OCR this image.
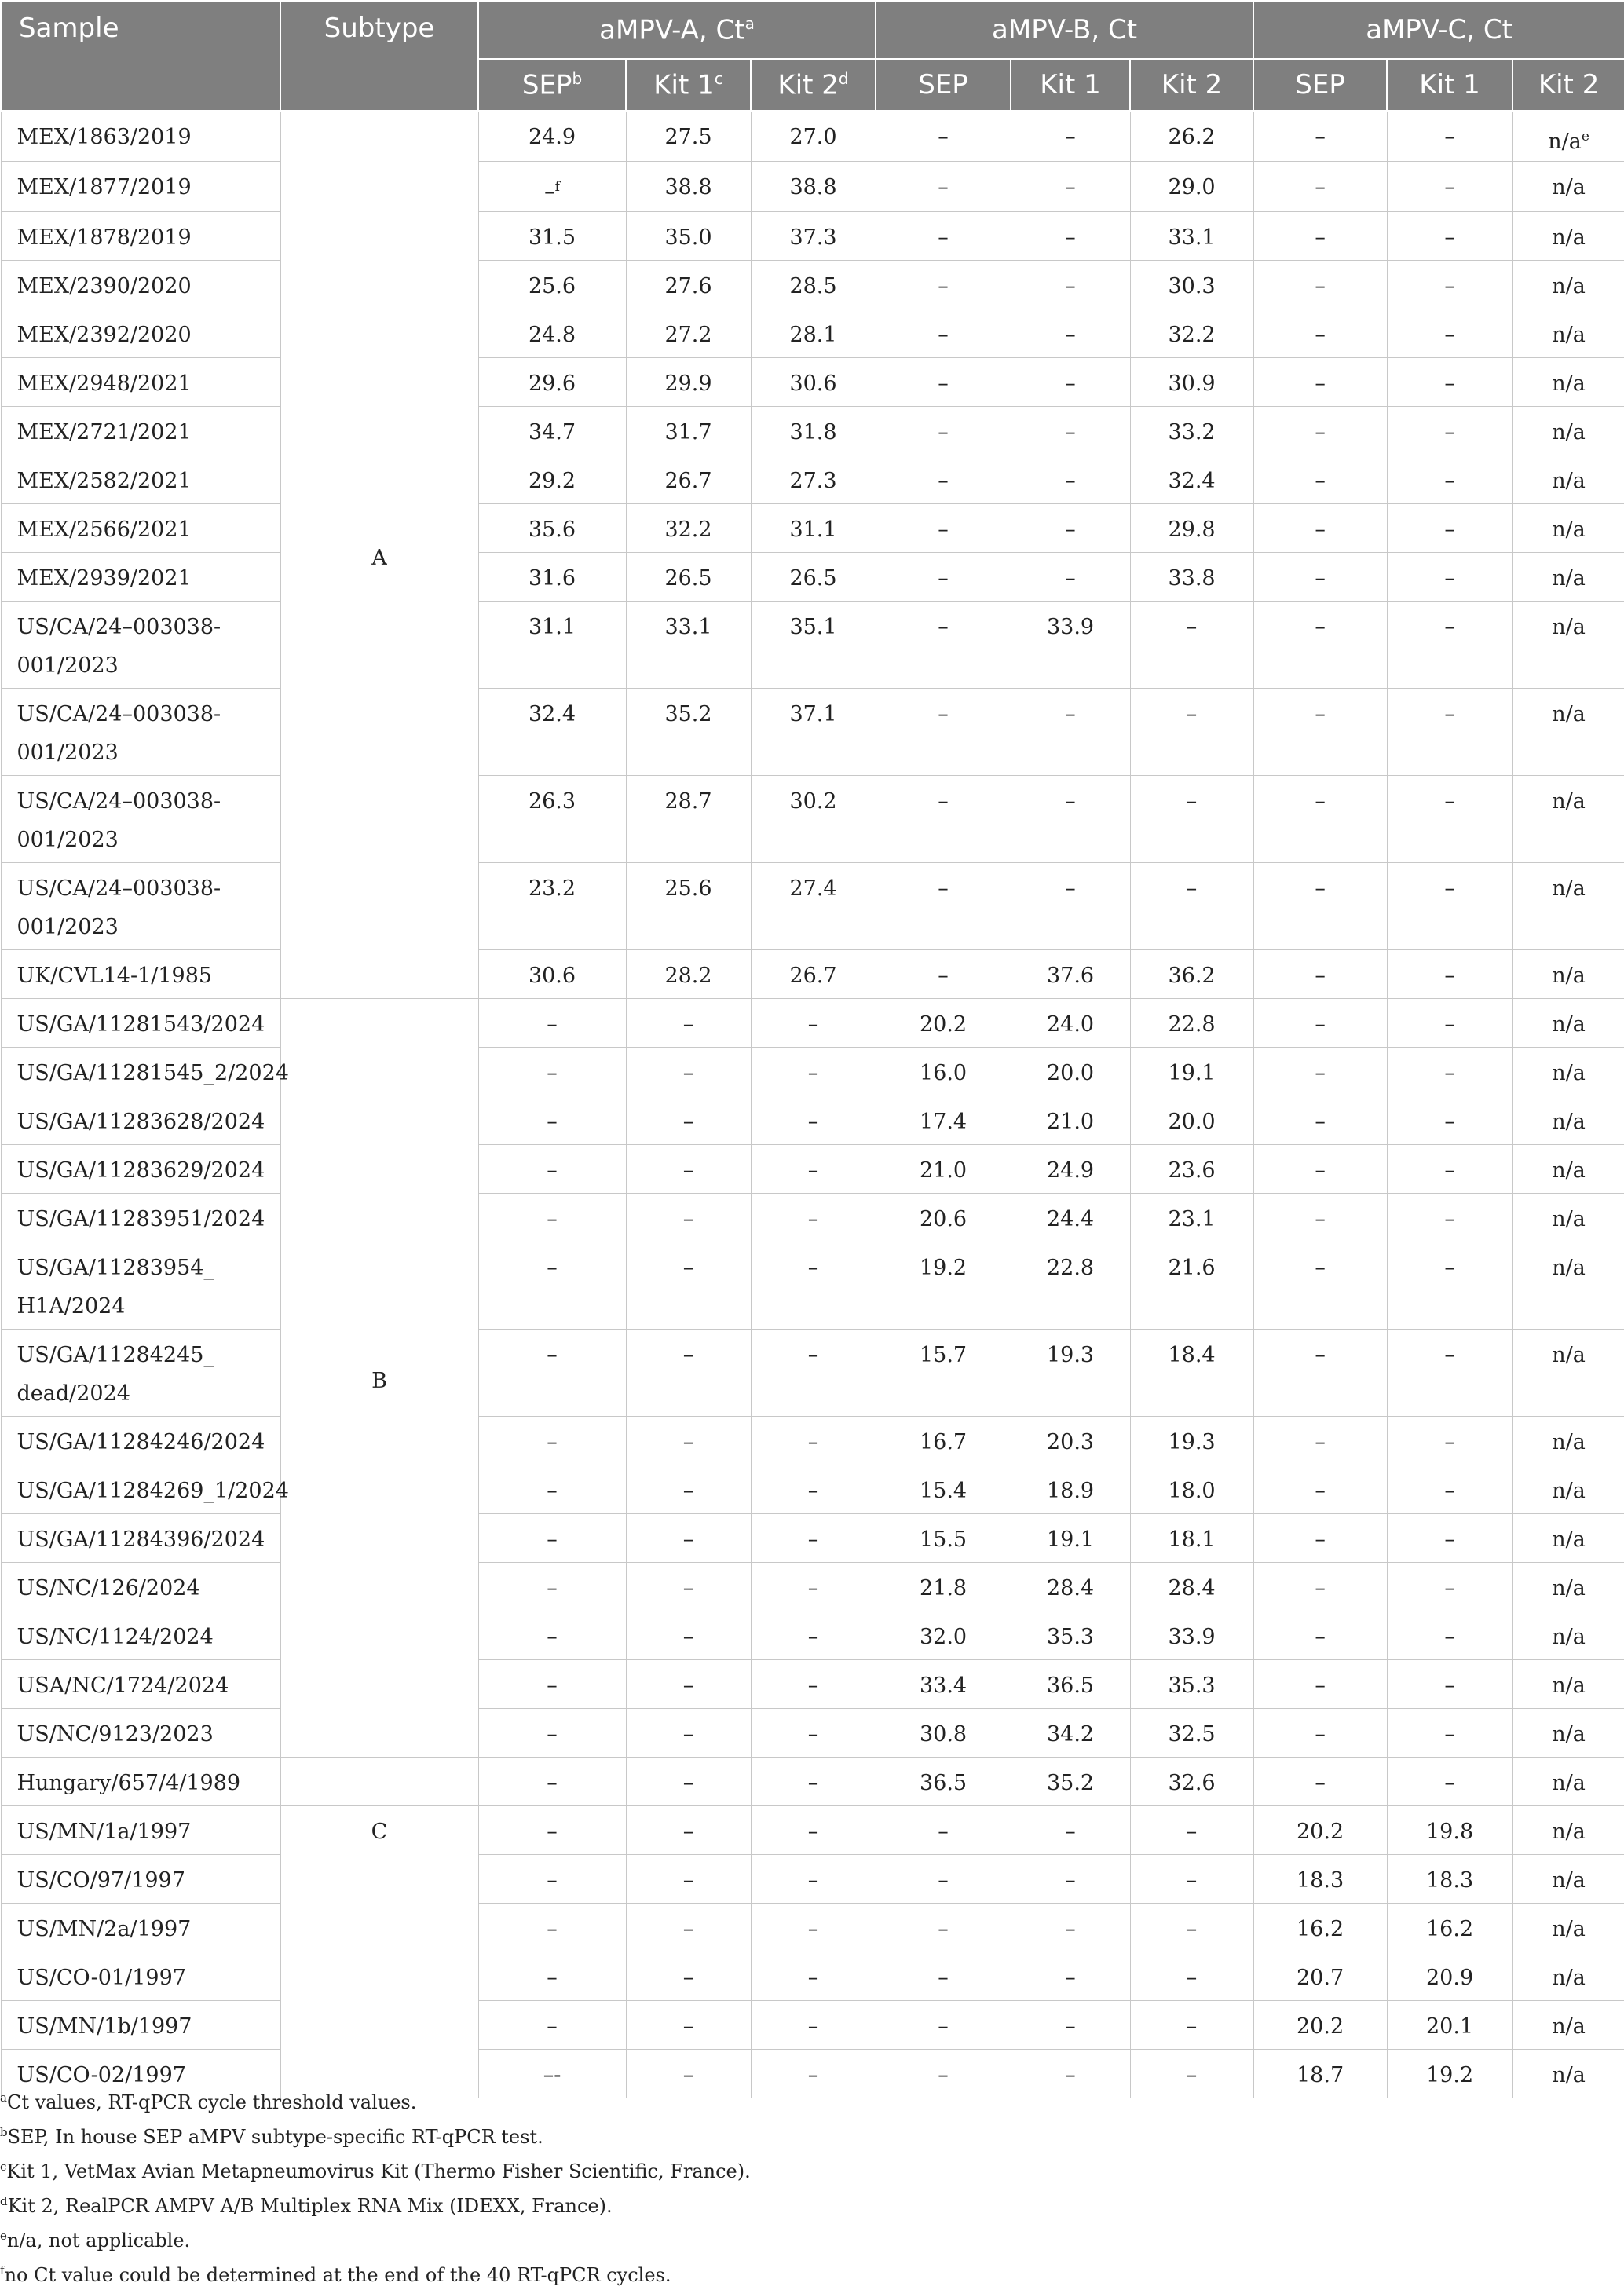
Sample	Subtype	aMPV-A, Ct$^a$			aMPV-B, Ct			aMPV-C, Ct		
		SEP$^b$	Kit 1$^c$	Kit 2$^d$	SEP	Kit 1	Kit 2	SEP	Kit 1	Kit 2
MEX/1863/2019	A	24.9	27.5	27.0	–	–	26.2	–	–	$n/a^e$
MEX/1877/2019		–$^f$	38.8	38.8	–	–	29.0	–	–	n/a
MEX/1878/2019		31.5	35.0	37.3	–	–	33.1	–	–	n/a
MEX/2390/2020		25.6	27.6	28.5	–	–	30.3	–	–	n/a
MEX/2392/2020		24.8	27.2	28.1	–	–	32.2	–	–	n/a
MEX/2948/2021		29.6	29.9	30.6	–	–	30.9	–	–	n/a
MEX/2721/2021		34.7	31.7	31.8	–	–	33.2	–	–	n/a
MEX/2582/2021		29.2	26.7	27.3	–	–	32.4	–	–	n/a
MEX/2566/2021		35.6	32.2	31.1	–	–	29.8	–	–	n/a
MEX/2939/2021		31.6	26.5	26.5	–	–	33.8	–	–	n/a

US/CA/24–003038-
001/2023		31.1	33.1	35.1	–	33.9	–	–	–	n/a

US/CA/24–003038-
001/2023		32.4	35.2	37.1	–	–	–	–	–	n/a

US/CA/24–003038-
001/2023		26.3	28.7	30.2	–	–	–	–	–	n/a

US/CA/24–003038-
001/2023		23.2	25.6	27.4	–	–	–	–	–	n/a
UK/CVL14-1/1985		30.6	28.2	26.7	–	37.6	36.2	–	–	n/a
US/GA/11281543/2024	B	–	–	–	20.2	24.0	22.8	–	–	n/a
US/GA/11281545_2/2024		–	–	–	16.0	20.0	19.1	–	–	n/a
US/GA/11283628/2024		–	–	–	17.4	21.0	20.0	–	–	n/a
US/GA/11283629/2024		–	–	–	21.0	24.9	23.6	–	–	n/a
US/GA/11283951/2024		–	–	–	20.6	24.4	23.1	–	–	n/a

US/GA/11283954_
H1A/2024		–	–	–	19.2	22.8	21.6	–	–	n/a

US/GA/11284245_
dead/2024		–	–	–	15.7	19.3	18.4	–	–	n/a
US/GA/11284246/2024		–	–	–	16.7	20.3	19.3	–	–	n/a
US/GA/11284269_1/2024		–	–	–	15.4	18.9	18.0	–	–	n/a
US/GA/11284396/2024		–	–	–	15.5	19.1	18.1	–	–	n/a
US/NC/126/2024		–	–	–	21.8	28.4	28.4	–	–	n/a
US/NC/1124/2024		–	–	–	32.0	35.3	33.9	–	–	n/a
USA/NC/1724/2024		–	–	–	33.4	36.5	35.3	–	–	n/a
US/NC/9123/2023		–	–	–	30.8	34.2	32.5	–	–	n/a
Hungary/657/4/1989		–	–	–	36.5	35.2	32.6	–	–	n/a
US/MN/1a/1997	C	–	–	–	–	–	–	20.2	19.8	n/a
US/CO/97/1997		–	–	–	–	–	–	18.3	18.3	n/a
US/MN/2a/1997		–	–	–	–	–	–	16.2	16.2	n/a
US/CO-01/1997		–	–	–	–	–	–	20.7	20.9	n/a
US/MN/1b/1997		–	–	–	–	–	–	20.2	20.1	n/a
US/CO-02/1997		–-	–	–	–	–	–	18.7	19.2	n/a
$^a$Ct values, RT-qPCR cycle threshold values.
$^b$SEP, In house SEP aMPV subtype-specific RT-qPCR test.
$^c$Kit 1, VetMax Avian Metapneumovirus Kit (Thermo Fisher Scientific, France).
$^d$Kit 2, RealPCR AMPV A/B Multiplex RNA Mix (IDEXX, France).
$^e$n/a, not applicable.
$^f$no Ct value could be determined at the end of the 40 RT-qPCR cycles.
